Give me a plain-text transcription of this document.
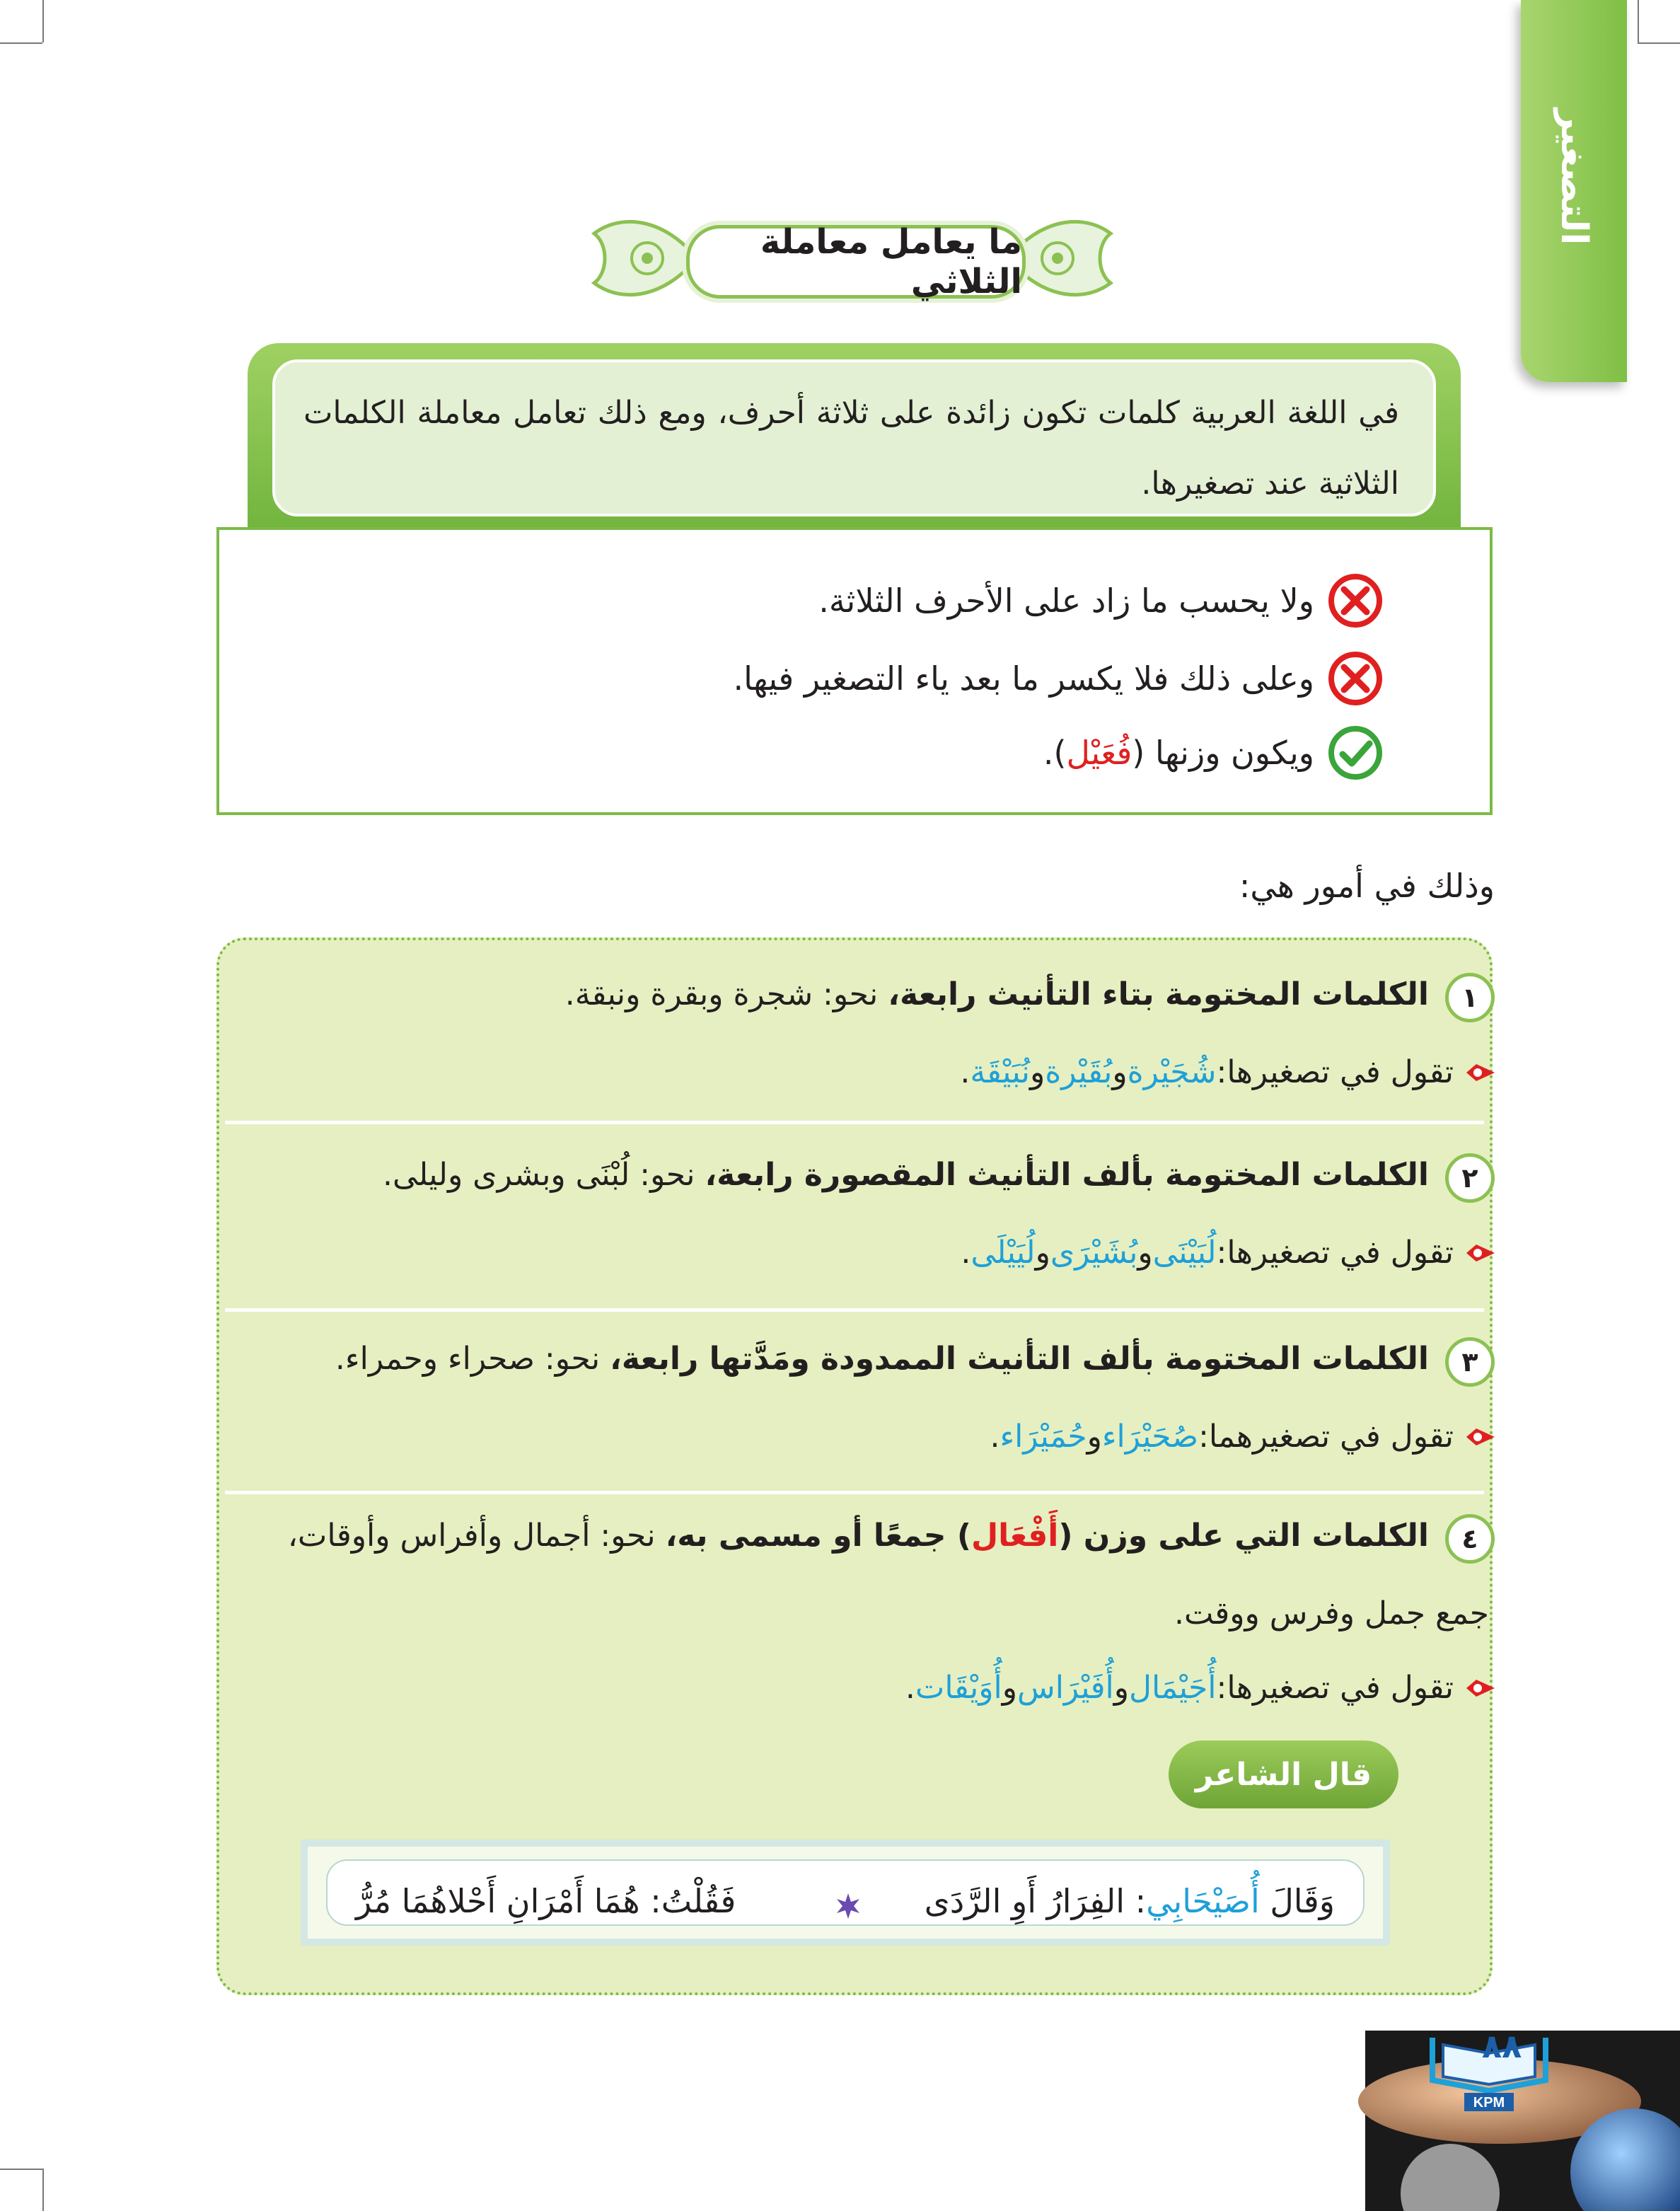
التصغير
ما يعامل معاملة الثلاثي
في اللغة العربية كلمات تكون زائدة على ثلاثة أحرف، ومع ذلك تعامل معاملة الكلمات الثلاثية عند تصغيرها.
ولا يحسب ما زاد على الأحرف الثلاثة.
وعلى ذلك فلا يكسر ما بعد ياء التصغير فيها.
ويكون وزنها (
فُعَيْل
).
وذلك في أمور هي:
١
الكلمات المختومة بتاء التأنيث رابعة، نحو: شجرة وبقرة ونبقة.
تقول في تصغيرها:
شُجَيْرة
و
بُقَيْرة
و
نُبَيْقَة
.
٢
الكلمات المختومة بألف التأنيث المقصورة رابعة، نحو: لُبْنَى وبشرى وليلى.
تقول في تصغيرها:
لُبَيْنَى
و
بُشَيْرَى
و
لُيَيْلَى
.
٣
الكلمات المختومة بألف التأنيث الممدودة ومَدَّتها رابعة، نحو: صحراء وحمراء.
تقول في تصغيرهما:
صُحَيْرَاء
و
حُمَيْرَاء
.
٤
الكلمات التي على وزن (أَفْعَال) جمعًا أو مسمى به، نحو: أجمال وأفراس وأوقات،
جمع جمل وفرس ووقت.
تقول في تصغيرها:
أُجَيْمَال
و
أُفَيْرَاس
و
أُوَيْقَات
.
قال الشاعر
وَقَالَ أُصَيْحَابِي: الفِرَارُ أَوِ الرَّدَى
فَقُلْتُ: هُمَا أَمْرَانِ أَحْلاهُمَا مُرُّ
KPM
٨٨
